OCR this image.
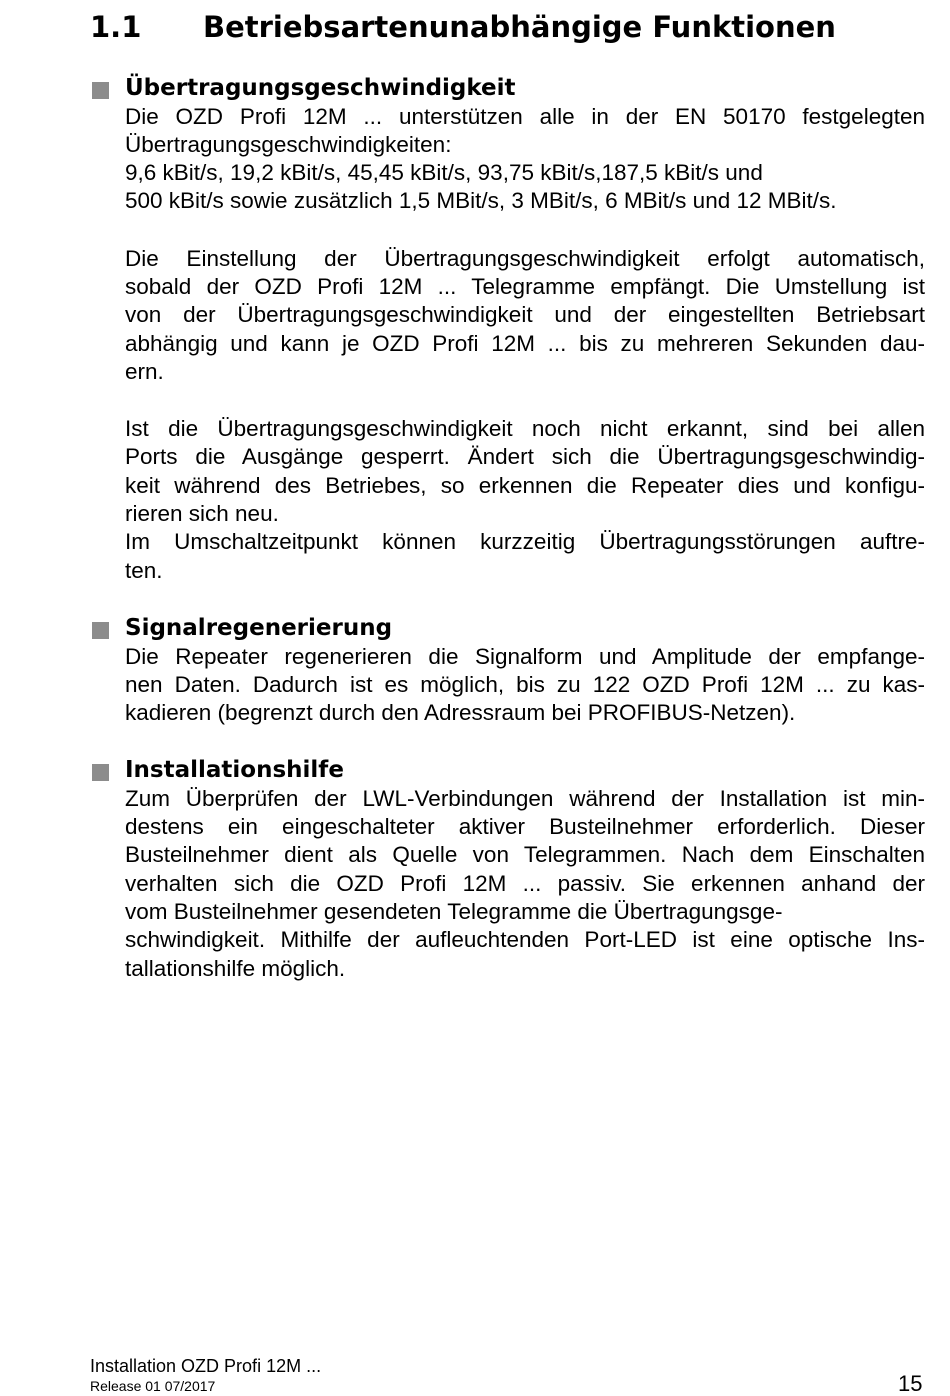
1.1 Betriebsartenunabhängige Funktionen
Übertragungsgeschwindigkeit
Die OZD Profi 12M ... unterstützen alle in der EN 50170 festgelegten
Übertragungsgeschwindigkeiten:
9,6 kBit/s, 19,2 kBit/s, 45,45 kBit/s, 93,75 kBit/s,187,5 kBit/s und
500 kBit/s sowie zusätzlich 1,5 MBit/s, 3 MBit/s, 6 MBit/s und 12 MBit/s.
Die Einstellung der Übertragungsgeschwindigkeit erfolgt automatisch,
sobald der OZD Profi 12M ... Telegramme empfängt. Die Umstellung ist
von der Übertragungsgeschwindigkeit und der eingestellten Betriebsart
abhängig und kann je OZD Profi 12M ... bis zu mehreren Sekunden dau-
ern.
Ist die Übertragungsgeschwindigkeit noch nicht erkannt, sind bei allen
Ports die Ausgänge gesperrt. Ändert sich die Übertragungsgeschwindig-
keit während des Betriebes, so erkennen die Repeater dies und konfigu-
rieren sich neu.
Im Umschaltzeitpunkt können kurzzeitig Übertragungsstörungen auftre-
ten.
Signalregenerierung
Die Repeater regenerieren die Signalform und Amplitude der empfange-
nen Daten. Dadurch ist es möglich, bis zu 122 OZD Profi 12M ... zu kas-
kadieren (begrenzt durch den Adressraum bei PROFIBUS-Netzen).
Installationshilfe
Zum Überprüfen der LWL-Verbindungen während der Installation ist min-
destens ein eingeschalteter aktiver Busteilnehmer erforderlich. Dieser
Busteilnehmer dient als Quelle von Telegrammen. Nach dem Einschalten
verhalten sich die OZD Profi 12M ... passiv. Sie erkennen anhand der
vom Busteilnehmer gesendeten Telegramme die Übertragungsge-
schwindigkeit. Mithilfe der aufleuchtenden Port-LED ist eine optische Ins-
tallationshilfe möglich.
Installation OZD Profi 12M ...
Release 01 07/2017	15
